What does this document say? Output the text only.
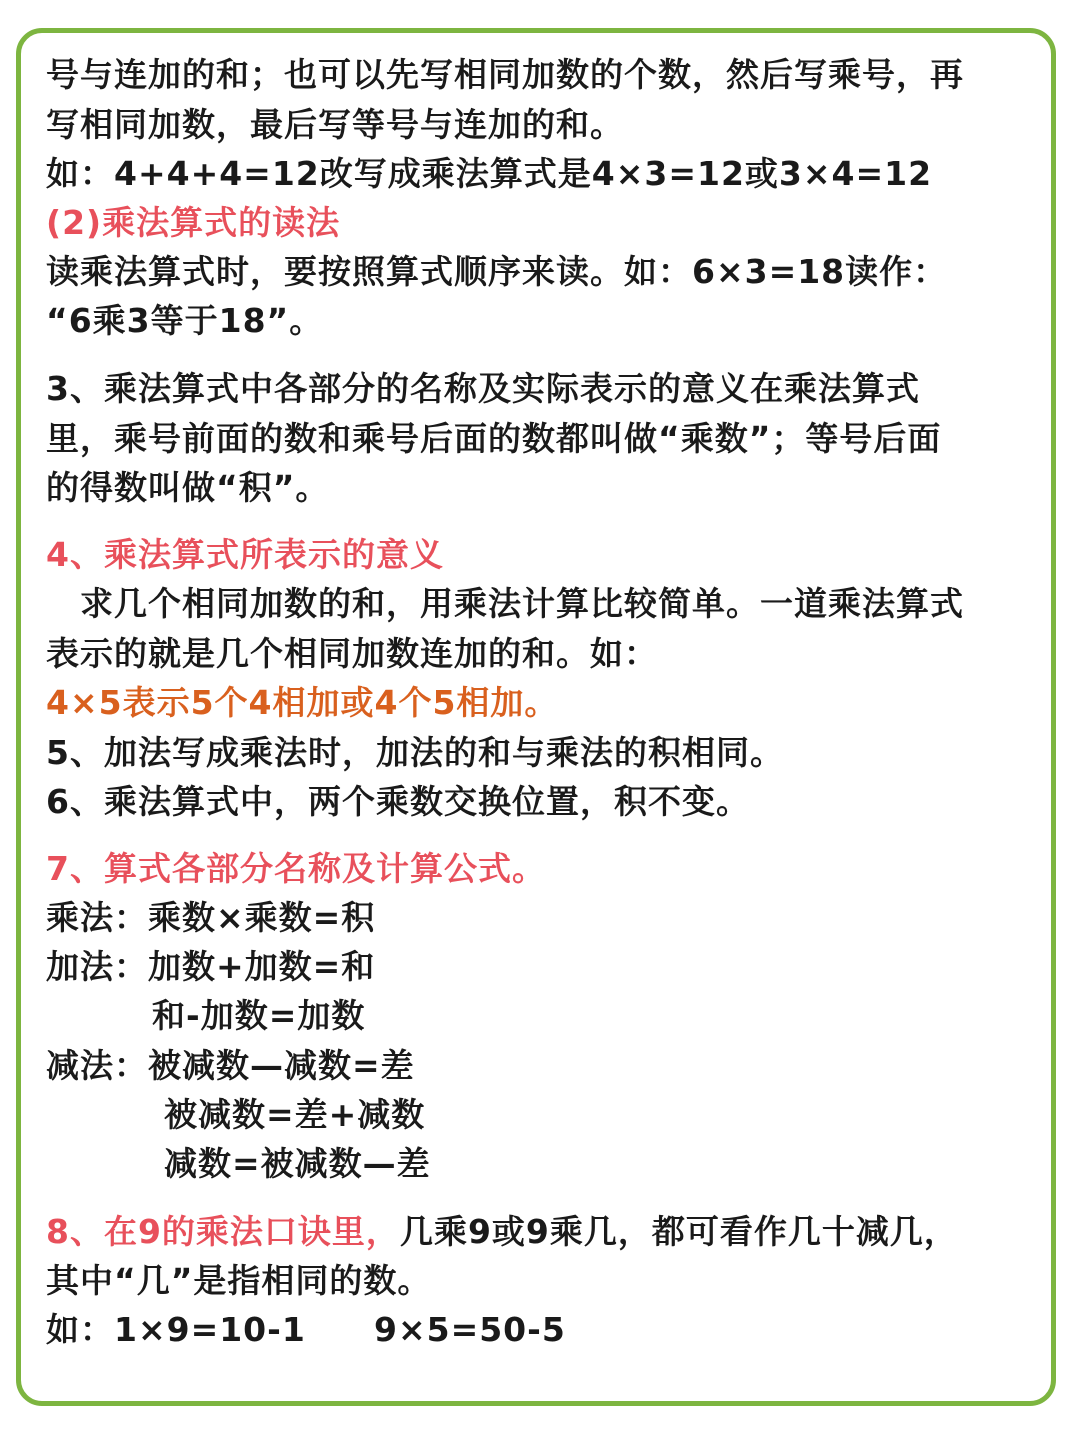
号与连加的和；也可以先写相同加数的个数，然后写乘号，再
写相同加数，最后写等号与连加的和。
如：4+4+4=12改写成乘法算式是4×3=12或3×4=12
(2)乘法算式的读法
读乘法算式时，要按照算式顺序来读。如：6×3=18读作：
“6乘3等于18”。
3、乘法算式中各部分的名称及实际表示的意义在乘法算式
里，乘号前面的数和乘号后面的数都叫做“乘数”；等号后面
的得数叫做“积”。
4、乘法算式所表示的意义
　求几个相同加数的和，用乘法计算比较简单。一道乘法算式
表示的就是几个相同加数连加的和。如：
4×5表示5个4相加或4个5相加。
5、加法写成乘法时，加法的和与乘法的积相同。
6、乘法算式中，两个乘数交换位置，积不变。
7、算式各部分名称及计算公式。
乘法：乘数×乘数=积
加法：加数+加数=和
和-加数=加数
减法：被减数—减数=差
被减数=差+减数
减数=被减数—差
8、在9的乘法口诀里，几乘9或9乘几，都可看作几十减几，
其中“几”是指相同的数。
如：1×9=10-1 9×5=50-5
